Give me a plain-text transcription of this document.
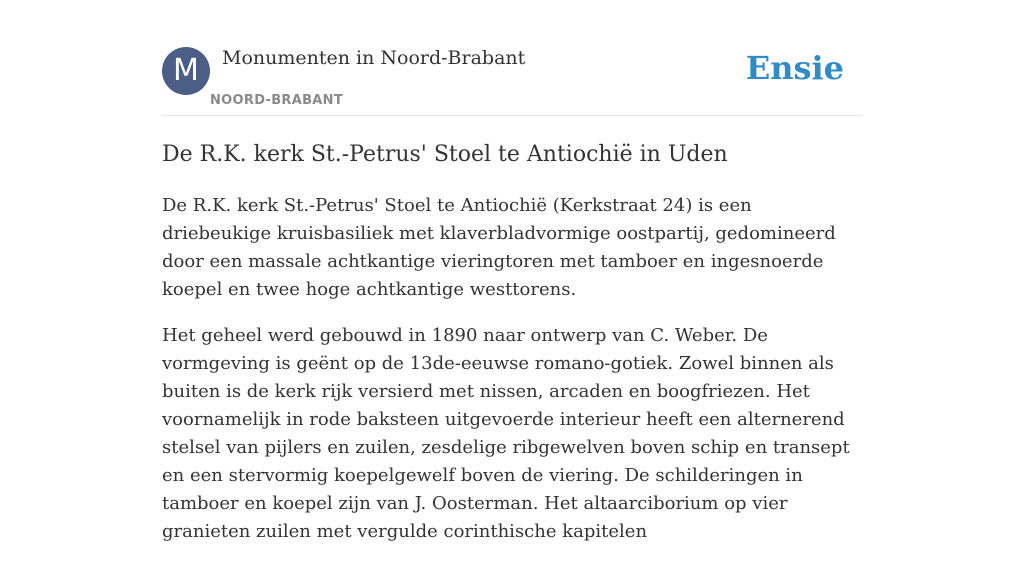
M	Monumenten in Noord-Brabant
NOORD-BRABANT
Ensie
De R.K. kerk St.-Petrus' Stoel te Antiochië in Uden

De R.K. kerk St.-Petrus' Stoel te Antiochië (Kerkstraat 24) is een driebeukige kruisbasiliek met klaverbladvormige oostpartij, gedomineerd door een massale achtkantige vieringtoren met tamboer en ingesnoerde koepel en twee hoge achtkantige westtorens.

Het geheel werd gebouwd in 1890 naar ontwerp van C. Weber. De vormgeving is geënt op de 13de-eeuwse romano-gotiek. Zowel binnen als buiten is de kerk rijk versierd met nissen, arcaden en boogfriezen. Het voornamelijk in rode baksteen uitgevoerde interieur heeft een alternerend stelsel van pijlers en zuilen, zesdelige ribgewelven boven schip en transept en een stervormig koepelgewelf boven de viering. De schilderingen in tamboer en koepel zijn van J. Oosterman. Het altaarciborium op vier granieten zuilen met vergulde corinthische kapitelen
